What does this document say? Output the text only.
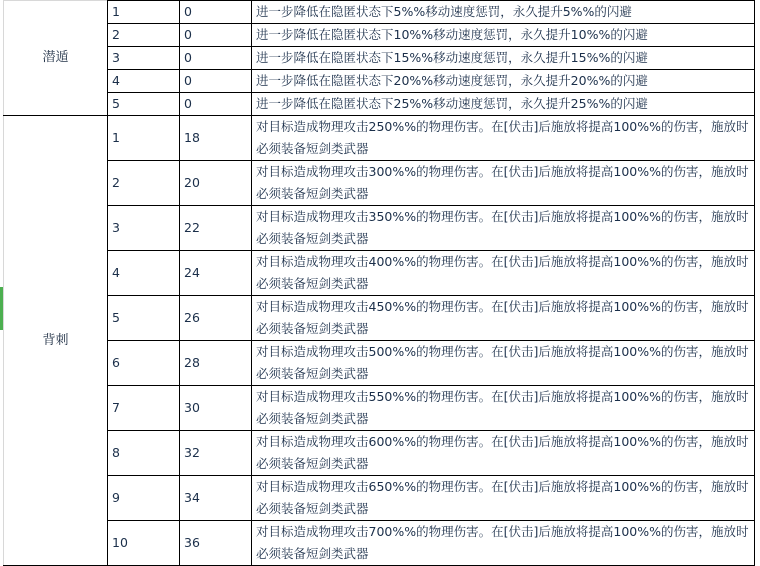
潜遁	1	0	进一步降低在隐匿状态下5%%移动速度惩罚，永久提升5%%的闪避
	2	0	进一步降低在隐匿状态下10%%移动速度惩罚，永久提升10%%的闪避
	3	0	进一步降低在隐匿状态下15%%移动速度惩罚，永久提升15%%的闪避
	4	0	进一步降低在隐匿状态下20%%移动速度惩罚，永久提升20%%的闪避
	5	0	进一步降低在隐匿状态下25%%移动速度惩罚，永久提升25%%的闪避
背刺	1	18	对目标造成物理攻击250%%的物理伤害。在[伏击]后施放将提高100%%的伤害，施放时必须装备短剑类武器
	2	20	对目标造成物理攻击300%%的物理伤害。在[伏击]后施放将提高100%%的伤害，施放时必须装备短剑类武器
	3	22	对目标造成物理攻击350%%的物理伤害。在[伏击]后施放将提高100%%的伤害，施放时必须装备短剑类武器
	4	24	对目标造成物理攻击400%%的物理伤害。在[伏击]后施放将提高100%%的伤害，施放时必须装备短剑类武器
	5	26	对目标造成物理攻击450%%的物理伤害。在[伏击]后施放将提高100%%的伤害，施放时必须装备短剑类武器
	6	28	对目标造成物理攻击500%%的物理伤害。在[伏击]后施放将提高100%%的伤害，施放时必须装备短剑类武器
	7	30	对目标造成物理攻击550%%的物理伤害。在[伏击]后施放将提高100%%的伤害，施放时必须装备短剑类武器
	8	32	对目标造成物理攻击600%%的物理伤害。在[伏击]后施放将提高100%%的伤害，施放时必须装备短剑类武器
	9	34	对目标造成物理攻击650%%的物理伤害。在[伏击]后施放将提高100%%的伤害，施放时必须装备短剑类武器
	10	36	对目标造成物理攻击700%%的物理伤害。在[伏击]后施放将提高100%%的伤害，施放时必须装备短剑类武器
